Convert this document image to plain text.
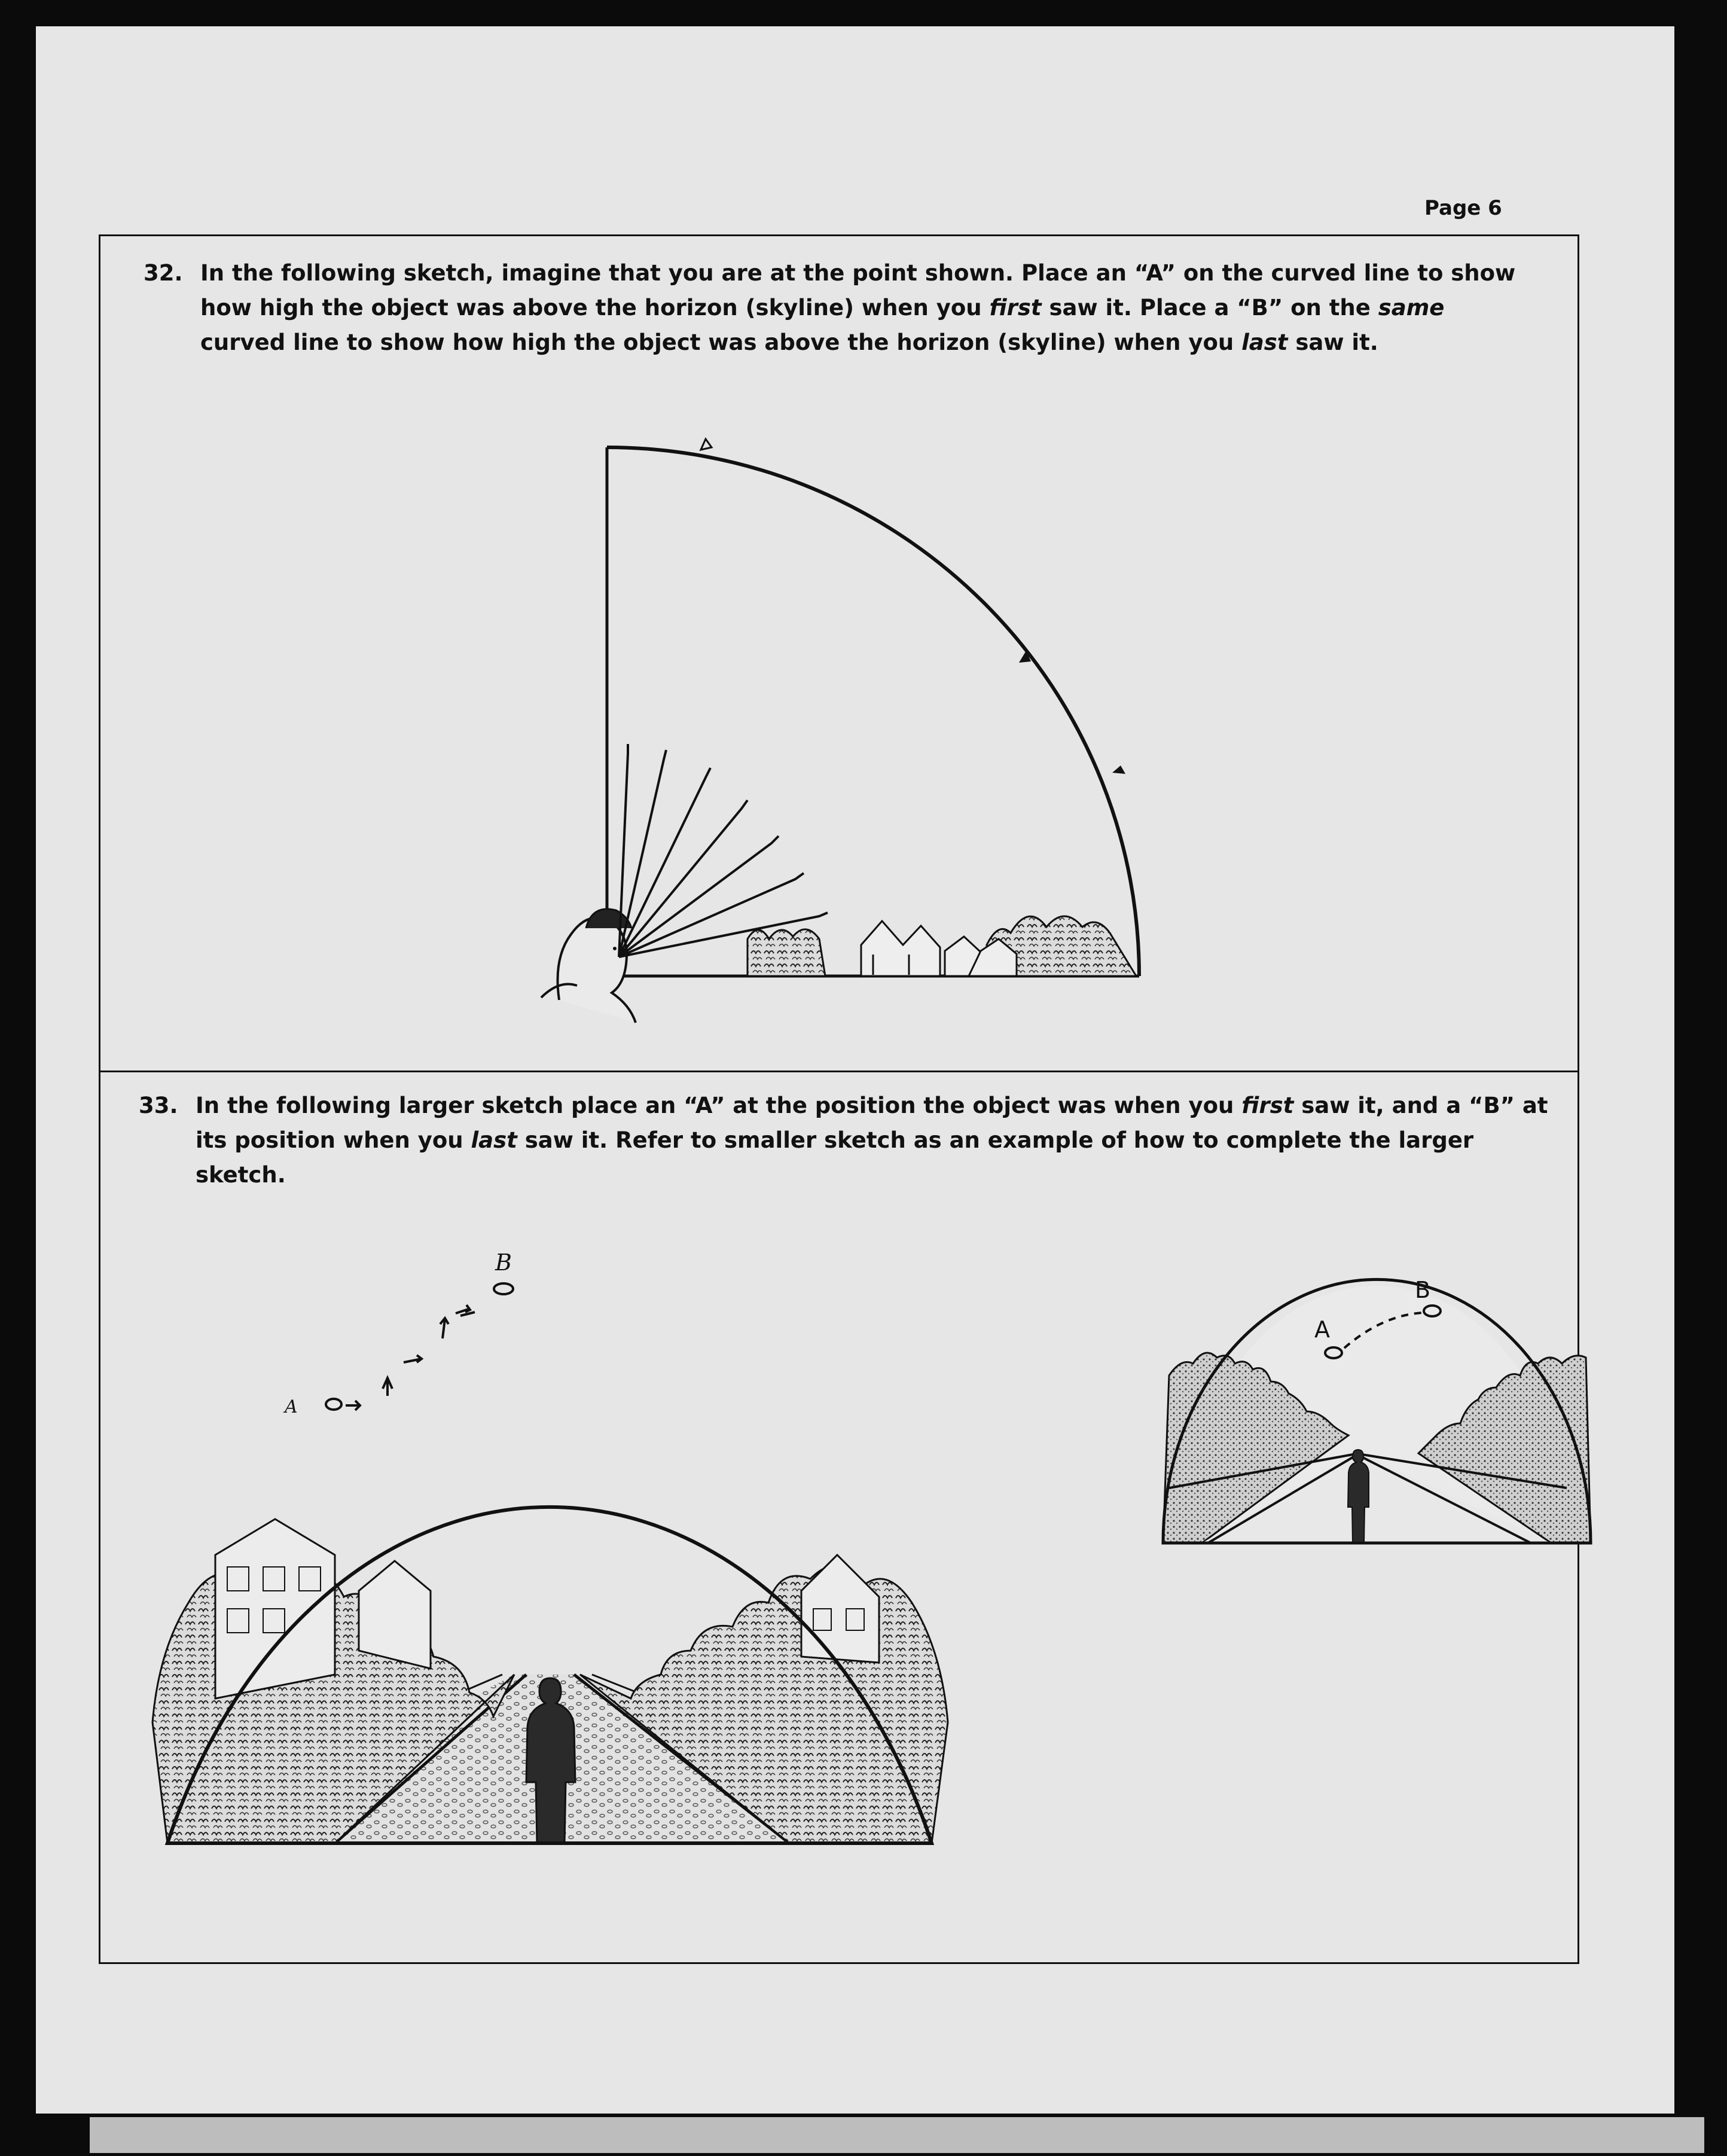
Page 6
32. In the following sketch, imagine that you are at the point shown. Place an “A” on the curved line to show how high the object was above the horizon (skyline) when you first saw it. Place a “B” on the same curved line to show how high the object was above the horizon (skyline) when you last saw it.
33. In the following larger sketch place an “A” at the position the object was when you first saw it, and a “B” at its position when you last saw it. Refer to smaller sketch as an example of how to complete the larger sketch.
A
B
A
B
